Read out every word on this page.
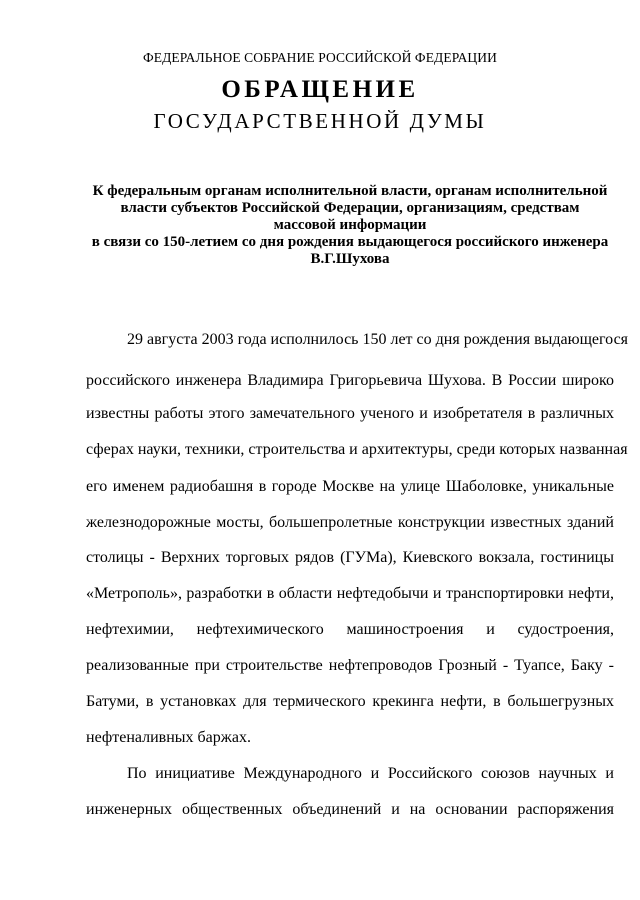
ФЕДЕРАЛЬНОЕ СОБРАНИЕ РОССИЙСКОЙ ФЕДЕРАЦИИ
ОБРАЩЕНИЕ
ГОСУДАРСТВЕННОЙ ДУМЫ
К федеральным органам исполнительной власти, органам исполнительной
власти субъектов Российской Федерации, организациям, средствам
массовой информации
в связи со 150-летием со дня рождения выдающегося российского инженера
В.Г.Шухова
29 августа 2003 года исполнилось 150 лет со дня рождения выдающегося
российского инженера Владимира Григорьевича Шухова. В России широко
известны работы этого замечательного ученого и изобретателя в различных
сферах науки, техники, строительства и архитектуры, среди которых названная
его именем радиобашня в городе Москве на улице Шаболовке, уникальные
железнодорожные мосты, большепролетные конструкции известных зданий
столицы - Верхних торговых рядов (ГУМа), Киевского вокзала, гостиницы
«Метрополь», разработки в области нефтедобычи и транспортировки нефти,
нефтехимии, нефтехимического машиностроения и судостроения,
реализованные при строительстве нефтепроводов Грозный - Туапсе, Баку -
Батуми, в установках для термического крекинга нефти, в большегрузных
нефтеналивных баржах.
По инициативе Международного и Российского союзов научных и
инженерных общественных объединений и на основании распоряжения
